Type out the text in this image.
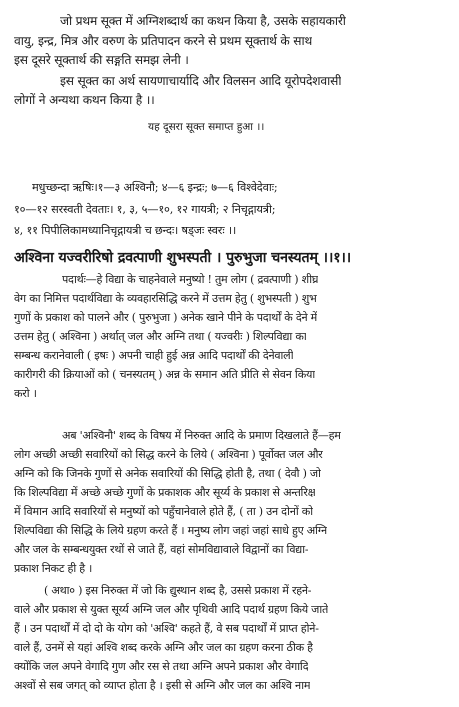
जो प्रथम सूक्त में अग्निशब्दार्थ का कथन किया है, उसके सहायकारी
वायु, इन्द्र, मित्र और वरुण के प्रतिपादन करने से प्रथम सूक्तार्थ के साथ
इस दूसरे सूक्तार्थ की सङ्गति समझ लेनी ।
इस सूक्त का अर्थ सायणाचार्यादि और विलसन आदि यूरोपदेशवासी
लोगों ने अन्यथा कथन किया है ।।
यह दूसरा सूक्त समाप्त हुआ ।।
मधुच्छन्दा ऋषिः।१—३ अश्विनौ; ४—६ इन्द्रः; ७—६ विश्वेदेवाः;
१०—१२ सरस्वती देवताः। १, ३, ५—१०, १२ गायत्री; २ निचृद्गायत्री;
४, ११ पिपीलिकामध्यानिचृद्गायत्री च छन्दः। षड्जः स्वरः ।।
अश्विना यज्वरीरिषो द्रवत्पाणी शुभस्पती । पुरुभुजा चनस्यतम् ।।१।।
पदार्थः—हे विद्या के चाहनेवाले मनुष्यो ! तुम लोग ( द्रवत्पाणी ) शीघ्र
वेग का निमित्त पदार्थविद्या के व्यवहारसिद्धि करने में उत्तम हेतु ( शुभस्पती ) शुभ
गुणों के प्रकाश को पालने और ( पुरुभुजा ) अनेक खाने पीने के पदार्थों के देने में
उत्तम हेतु ( अश्विना ) अर्थात् जल और अग्नि तथा ( यज्वरीः ) शिल्पविद्या का
सम्बन्ध करानेवाली ( इषः ) अपनी चाही हुई अन्न आदि पदार्थों की देनेवाली
कारीगरी की क्रियाओं को ( चनस्यतम् ) अन्न के समान अति प्रीति से सेवन किया
करो ।
अब 'अश्विनौ' शब्द के विषय में निरुक्त आदि के प्रमाण दिखलाते हैं—हम
लोग अच्छी अच्छी सवारियों को सिद्ध करने के लिये ( अश्विना ) पूर्वोक्त जल और
अग्नि को कि जिनके गुणों से अनेक सवारियों की सिद्धि होती है, तथा ( देवौ ) जो
कि शिल्पविद्या में अच्छे अच्छे गुणों के प्रकाशक और सूर्य्य के प्रकाश से अन्तरिक्ष
में विमान आदि सवारियों से मनुष्यों को पहुँचानेवाले होते हैं, ( ता ) उन दोनों को
शिल्पविद्या की सिद्धि के लिये ग्रहण करते हैं । मनुष्य लोग जहां जहां साधे हुए अग्नि
और जल के सम्बन्धयुक्त रथों से जाते हैं, वहां सोमविद्यावाले विद्वानों का विद्या-
प्रकाश निकट ही है ।
( अथा० ) इस निरुक्त में जो कि द्युस्थान शब्द है, उससे प्रकाश में रहने-
वाले और प्रकाश से युक्त सूर्य्य अग्नि जल और पृथिवी आदि पदार्थ ग्रहण किये जाते
हैं । उन पदार्थों में दो दो के योग को 'अश्वि' कहते हैं, वे सब पदार्थों में प्राप्त होने-
वाले हैं, उनमें से यहां अश्वि शब्द करके अग्नि और जल का ग्रहण करना ठीक है
क्योंकि जल अपने वेगादि गुण और रस से तथा अग्नि अपने प्रकाश और वेगादि
अश्वों से सब जगत् को व्याप्त होता है । इसी से अग्नि और जल का अश्वि नाम
